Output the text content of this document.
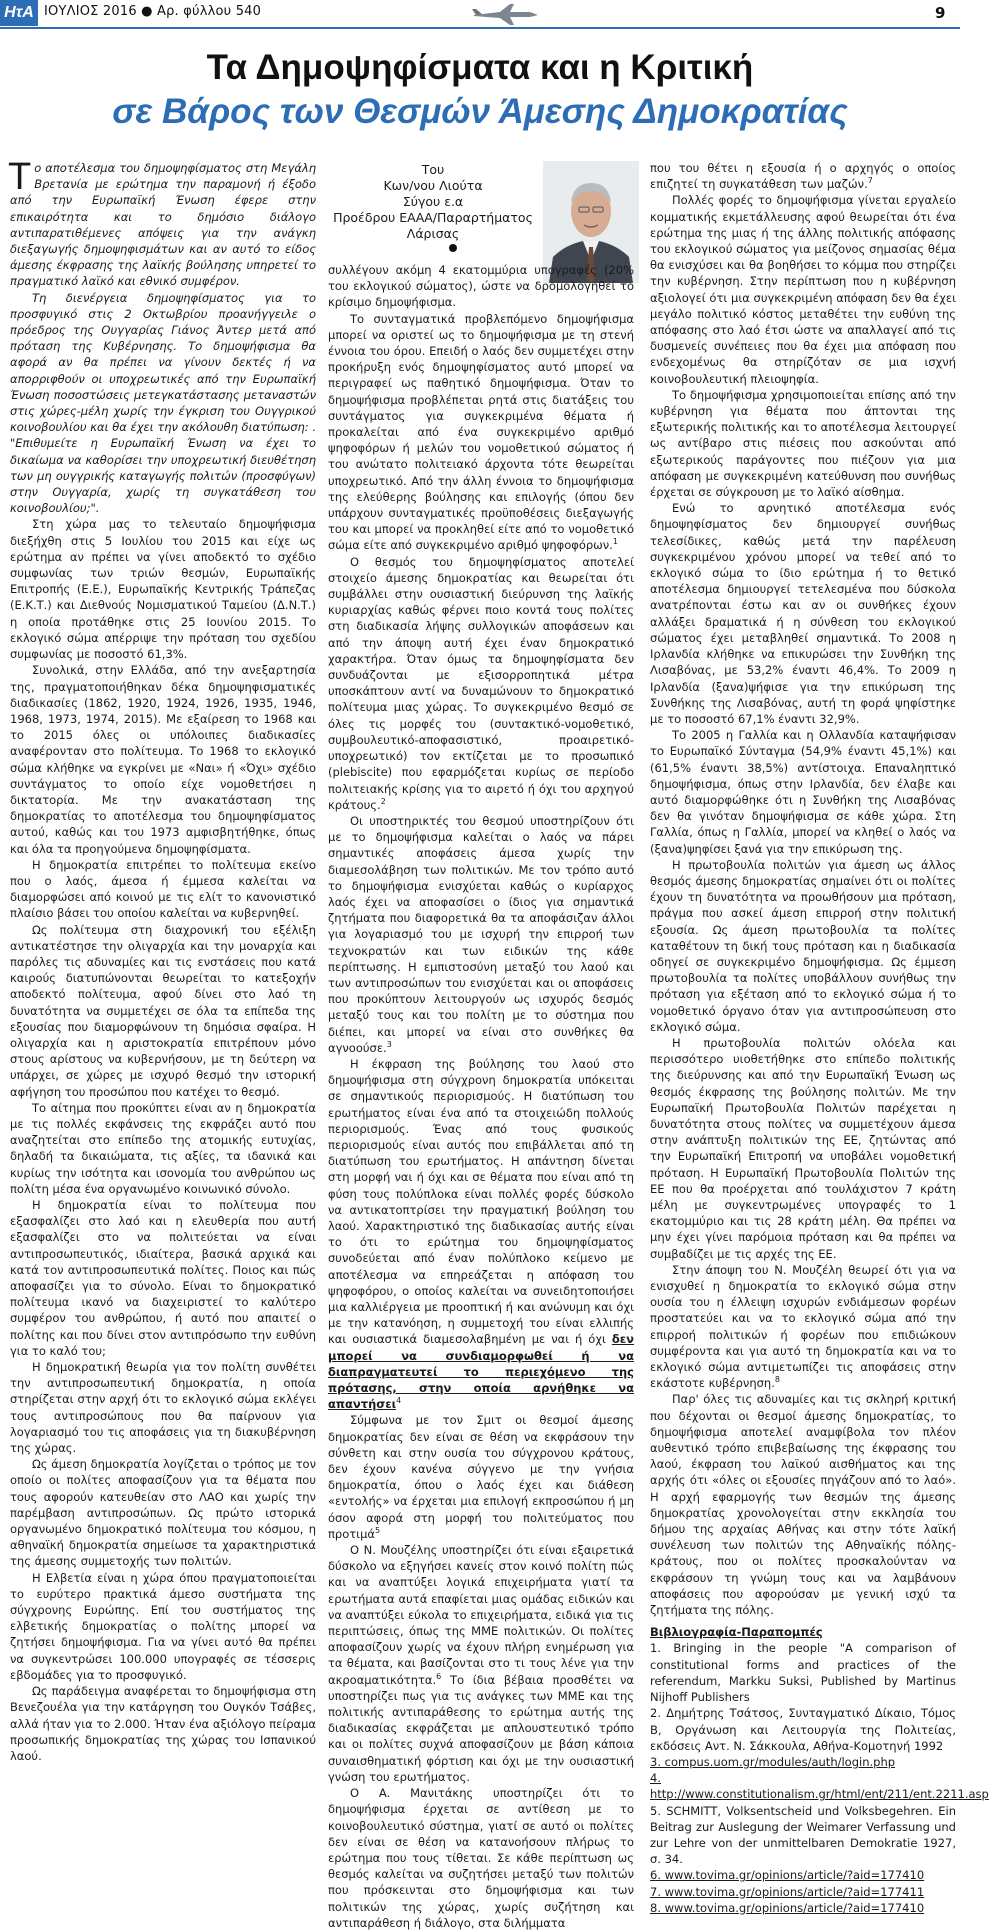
ΗτΑ ΙΟΥΛΙΟΣ 2016 ● Αρ. φύλλου 540	9
Τα Δημοψηφίσματα και η Κριτική
σε Βάρος των Θεσμών Άμεσης Δημοκρατίας
Του
Κων/νου Λιούτα
Σύγου ε.α
Προέδρου ΕΑΑΑ/Παραρτήματος Λάρισας

Το αποτέλεσμα του δημοψηφίσματος στη Μεγάλη Βρετανία με ερώτημα την παραμονή ή έξοδο από την Ευρωπαϊκή Ένωση έφερε στην επικαιρότητα και το δημόσιο διάλογο αντιπαρατιθέμενες απόψεις για την ανάγκη διεξαγωγής δημοψηφισμάτων και αν αυτό το είδος άμεσης έκφρασης της λαϊκής βούλησης υπηρετεί το πραγματικό λαϊκό και εθνικό συμφέρον.

Τη διενέργεια δημοψηφίσματος για το προσφυγικό στις 2 Οκτωβρίου προανήγγειλε ο πρόεδρος της Ουγγαρίας Γιάνος Άντερ μετά από πρόταση της Κυβέρνησης. Το δημοψήφισμα θα αφορά αν θα πρέπει να γίνουν δεκτές ή να απορριφθούν οι υποχρεωτικές από την Ευρωπαϊκή Ένωση ποσοστώσεις μετεγκατάστασης μεταναστών στις χώρες-μέλη χωρίς την έγκριση του Ουγγρικού κοινοβουλίου και θα έχει την ακόλουθη διατύπωση: . "Επιθυμείτε η Ευρωπαϊκή Ένωση να έχει το δικαίωμα να καθορίσει την υποχρεωτική διευθέτηση των μη ουγγρικής καταγωγής πολιτών (προσφύγων) στην Ουγγαρία, χωρίς τη συγκατάθεση του κοινοβουλίου;".

Στη χώρα μας το τελευταίο δημοψήφισμα διεξήχθη στις 5 Ιουλίου του 2015 και είχε ως ερώτημα αν πρέπει να γίνει αποδεκτό το σχέδιο συμφωνίας των τριών θεσμών, Ευρωπαϊκής Επιτροπής (Ε.Ε.), Ευρωπαϊκής Κεντρικής Τράπεζας (Ε.Κ.Τ.) και Διεθνούς Νομισματικού Ταμείου (Δ.Ν.Τ.) η οποία προτάθηκε στις 25 Ιουνίου 2015. Το εκλογικό σώμα απέρριψε την πρόταση του σχεδίου συμφωνίας με ποσοστό 61,3%.

Συνολικά, στην Ελλάδα, από την ανεξαρτησία της, πραγματοποιήθηκαν δέκα δημοψηφισματικές διαδικασίες (1862, 1920, 1924, 1926, 1935, 1946, 1968, 1973, 1974, 2015). Με εξαίρεση το 1968 και το 2015 όλες οι υπόλοιπες διαδικασίες αναφέρονταν στο πολίτευμα. Το 1968 το εκλογικό σώμα κλήθηκε να εγκρίνει με «Ναι» ή «Όχι» σχέδιο συντάγματος το οποίο είχε νομοθετήσει η δικτατορία. Με την ανακατάσταση της δημοκρατίας το αποτέλεσμα του δημοψηφίσματος αυτού, καθώς και του 1973 αμφισβητήθηκε, όπως και όλα τα προηγούμενα δημοψηφίσματα.

Η δημοκρατία επιτρέπει το πολίτευμα εκείνο που ο λαός, άμεσα ή έμμεσα καλείται να διαμορφώσει από κοινού με τις ελίτ το κανονιστικό πλαίσιο βάσει του οποίου καλείται να κυβερνηθεί.

Ως πολίτευμα στη διαχρονική του εξέλιξη αντικατέστησε την ολιγαρχία και την μοναρχία και παρόλες τις αδυναμίες και τις ενστάσεις που κατά καιρούς διατυπώνονται θεωρείται το κατεξοχήν αποδεκτό πολίτευμα, αφού δίνει στο λαό τη δυνατότητα να συμμετέχει σε όλα τα επίπεδα της εξουσίας που διαμορφώνουν τη δημόσια σφαίρα. Η ολιγαρχία και η αριστοκρατία επιτρέπουν μόνο στους αρίστους να κυβερνήσουν, με τη δεύτερη να υπάρχει, σε χώρες με ισχυρό θεσμό την ιστορική αφήγηση του προσώπου που κατέχει το θεσμό.

Το αίτημα που προκύπτει είναι αν η δημοκρατία με τις πολλές εκφάνσεις της εκφράζει αυτό που αναζητείται στο επίπεδο της ατομικής ευτυχίας, δηλαδή τα δικαιώματα, τις αξίες, τα ιδανικά και κυρίως την ισότητα και ισονομία του ανθρώπου ως πολίτη μέσα ένα οργανωμένο κοινωνικό σύνολο.

Η δημοκρατία είναι το πολίτευμα που εξασφαλίζει στο λαό και η ελευθερία που αυτή εξασφαλίζει στο να πολιτεύεται να είναι αντιπροσωπευτικός, ιδιαίτερα, βασικά αρχικά και κατά τον αντιπροσωπευτικά πολίτες. Ποιος και πώς αποφασίζει για το σύνολο. Είναι το δημοκρατικό πολίτευμα ικανό να διαχειριστεί το καλύτερο συμφέρον του ανθρώπου, ή αυτό που απαιτεί ο πολίτης και που δίνει στον αντιπρόσωπο την ευθύνη για το καλό του;

Η δημοκρατική θεωρία για τον πολίτη συνθέτει την αντιπροσωπευτική δημοκρατία, η οποία στηρίζεται στην αρχή ότι το εκλογικό σώμα εκλέγει τους αντιπροσώπους που θα παίρνουν για λογαριασμό του τις αποφάσεις για τη διακυβέρνηση της χώρας.

Ως άμεση δημοκρατία λογίζεται ο τρόπος με τον οποίο οι πολίτες αποφασίζουν για τα θέματα που τους αφορούν κατευθείαν στο ΛΑΟ και χωρίς την παρέμβαση αντιπροσώπων. Ως πρώτο ιστορικά οργανωμένο δημοκρατικό πολίτευμα του κόσμου, η αθηναϊκή δημοκρατία σημείωσε τα χαρακτηριστικά της άμεσης συμμετοχής των πολιτών.

Η Ελβετία είναι η χώρα όπου πραγματοποιείται το ευρύτερο πρακτικά άμεσο συστήματα της σύγχρονης Ευρώπης. Επί του συστήματος της ελβετικής δημοκρατίας ο πολίτης μπορεί να ζητήσει δημοψήφισμα. Για να γίνει αυτό θα πρέπει να συγκεντρώσει 100.000 υπογραφές σε τέσσερις εβδομάδες για το προσφυγικό.

Ως παράδειγμα αναφέρεται το δημοψήφισμα στη Βενεζουέλα για την κατάργηση του Ουγκόν Τσάβες, αλλά ήταν για το 2.000. Ήταν ένα αξιόλογο πείραμα προσωπικής δημοκρατίας της χώρας του Ισπανικού λαού.

συλλέγουν ακόμη 4 εκατομμύρια υπογραφές (20% του εκλογικού σώματος), ώστε να δρομολογηθεί το κρίσιμο δημοψήφισμα.

Το συνταγματικά προβλεπόμενο δημοψήφισμα μπορεί να οριστεί ως το δημοψήφισμα με τη στενή έννοια του όρου. Επειδή ο λαός δεν συμμετέχει στην προκήρυξη ενός δημοψηφίσματος αυτό μπορεί να περιγραφεί ως παθητικό δημοψήφισμα. Όταν το δημοψήφισμα προβλέπεται ρητά στις διατάξεις του συντάγματος για συγκεκριμένα θέματα ή προκαλείται από ένα συγκεκριμένο αριθμό ψηφοφόρων ή μελών του νομοθετικού σώματος ή του ανώτατο πολιτειακό άρχοντα τότε θεωρείται υποχρεωτικό. Από την άλλη έννοια το δημοψήφισμα της ελεύθερης βούλησης και επιλογής (όπου δεν υπάρχουν συνταγματικές προϋποθέσεις διεξαγωγής του και μπορεί να προκληθεί είτε από το νομοθετικό σώμα είτε από συγκεκριμένο αριθμό ψηφοφόρων.$^1$

Ο θεσμός του δημοψηφίσματος αποτελεί στοιχείο άμεσης δημοκρατίας και θεωρείται ότι συμβάλλει στην ουσιαστική διεύρυνση της λαϊκής κυριαρχίας καθώς φέρνει ποιο κοντά τους πολίτες στη διαδικασία λήψης συλλογικών αποφάσεων και από την άποψη αυτή έχει έναν δημοκρατικό χαρακτήρα. Όταν όμως τα δημοψηφίσματα δεν συνδυάζονται με εξισορροπητικά μέτρα υποσκάπτουν αντί να δυναμώνουν το δημοκρατικό πολίτευμα μιας χώρας. Το συγκεκριμένο θεσμό σε όλες τις μορφές του (συντακτικό-νομοθετικό, συμβουλευτικό-αποφασιστικό, προαιρετικό-υποχρεωτικό) τον εκτίζεται με το προσωπικό (plebiscite) που εφαρμόζεται κυρίως σε περίοδο πολιτειακής κρίσης για το αιρετό ή όχι του αρχηγού κράτους.$^2$

Οι υποστηρικτές του θεσμού υποστηρίζουν ότι με το δημοψήφισμα καλείται ο λαός να πάρει σημαντικές αποφάσεις άμεσα χωρίς την διαμεσολάβηση των πολιτικών. Με τον τρόπο αυτό το δημοψήφισμα ενισχύεται καθώς ο κυρίαρχος λαός έχει να αποφασίσει ο ίδιος για σημαντικά ζητήματα που διαφορετικά θα τα αποφάσιζαν άλλοι για λογαριασμό του με ισχυρή την επιρροή των τεχνοκρατών και των ειδικών της κάθε περίπτωσης. Η εμπιστοσύνη μεταξύ του λαού και των αντιπροσώπων του ενισχύεται και οι αποφάσεις που προκύπτουν λειτουργούν ως ισχυρός δεσμός μεταξύ τους και του πολίτη με το σύστημα που διέπει, και μπορεί να είναι στο συνθήκες θα αγνοούσε.$^3$

Η έκφραση της βούλησης του λαού στο δημοψήφισμα στη σύγχρονη δημοκρατία υπόκειται σε σημαντικούς περιορισμούς. Η διατύπωση του ερωτήματος είναι ένα από τα στοιχειώδη πολλούς περιορισμούς. Ένας από τους φυσικούς περιορισμούς είναι αυτός που επιβάλλεται από τη διατύπωση του ερωτήματος. Η απάντηση δίνεται στη μορφή ναι ή όχι και σε θέματα που είναι από τη φύση τους πολύπλοκα είναι πολλές φορές δύσκολο να αντικατοπτρίσει την πραγματική βούληση του λαού. Χαρακτηριστικό της διαδικασίας αυτής είναι το ότι το ερώτημα του δημοψηφίσματος συνοδεύεται από έναν πολύπλοκο κείμενο με αποτέλεσμα να επηρεάζεται η απόφαση του ψηφοφόρου, ο οποίος καλείται να συνειδητοποιήσει μια καλλιέργεια με προοπτική ή και ανώνυμη και όχι με την κατανόηση, η συμμετοχή του είναι ελλιπής και ουσιαστικά διαμεσολαβημένη με ναι ή όχι δεν μπορεί να συνδιαμορφωθεί ή να διαπραγματευτεί το περιεχόμενο της πρότασης, στην οποία αρνήθηκε να απαντήσει$^4$

Σύμφωνα με τον Σμιτ οι θεσμοί άμεσης δημοκρατίας δεν είναι σε θέση να εκφράσουν την σύνθετη και στην ουσία του σύγχρονου κράτους, δεν έχουν κανένα σύγγενο με την γνήσια δημοκρατία, όπου ο λαός έχει και διάθεση «εντολής» να έρχεται μια επιλογή εκπροσώπου ή μη όσον αφορά στη μορφή του πολιτεύματος που προτιμά$^5$

Ο Ν. Μουζέλης υποστηρίζει ότι είναι εξαιρετικά δύσκολο να εξηγήσει κανείς στον κοινό πολίτη πώς και να αναπτύξει λογικά επιχειρήματα γιατί τα ερωτήματα αυτά επαφίεται μιας ομάδας ειδικών και να αναπτύξει εύκολα το επιχειρήματα, ειδικά για τις περιπτώσεις, όπως της ΜΜΕ πολιτικών. Οι πολίτες αποφασίζουν χωρίς να έχουν πλήρη ενημέρωση για τα θέματα, και βασίζονται στο τι τους λένε για την ακροαματικότητα.$^6$ Το ίδια βέβαια προσθέτει να υποστηρίζει πως για τις ανάγκες των ΜΜΕ και της πολιτικής αντιπαράθεσης το ερώτημα αυτής της διαδικασίας εκφράζεται με απλουστευτικό τρόπο και οι πολίτες συχνά αποφασίζουν με βάση κάποια συναισθηματική φόρτιση και όχι με την ουσιαστική γνώση του ερωτήματος.

Ο Α. Μανιτάκης υποστηρίζει ότι το δημοψήφισμα έρχεται σε αντίθεση με το κοινοβουλευτικό σύστημα, γιατί σε αυτό οι πολίτες δεν είναι σε θέση να κατανοήσουν πλήρως το ερώτημα που τους τίθεται. Σε κάθε περίπτωση ως θεσμός καλείται να συζητήσει μεταξύ των πολιτών που πρόσκεινται στο δημοψήφισμα και των πολιτικών της χώρας, χωρίς συζήτηση και αντιπαράθεση ή διάλογο, στα διλήμματα

που του θέτει η εξουσία ή ο αρχηγός ο οποίος επιζητεί τη συγκατάθεση των μαζών.$^7$

Πολλές φορές το δημοψήφισμα γίνεται εργαλείο κομματικής εκμετάλλευσης αφού θεωρείται ότι ένα ερώτημα της μιας ή της άλλης πολιτικής απόφασης του εκλογικού σώματος για μείζονος σημασίας θέμα θα ενισχύσει και θα βοηθήσει το κόμμα που στηρίζει την κυβέρνηση. Στην περίπτωση που η κυβέρνηση αξιολογεί ότι μια συγκεκριμένη απόφαση δεν θα έχει μεγάλο πολιτικό κόστος μεταθέτει την ευθύνη της απόφασης στο λαό έτσι ώστε να απαλλαγεί από τις δυσμενείς συνέπειες που θα έχει μια απόφαση που ενδεχομένως θα στηρίζόταν σε μια ισχνή κοινοβουλευτική πλειοψηφία.

Το δημοψήφισμα χρησιμοποιείται επίσης από την κυβέρνηση για θέματα που άπτονται της εξωτερικής πολιτικής και το αποτέλεσμα λειτουργεί ως αντίβαρο στις πιέσεις που ασκούνται από εξωτερικούς παράγοντες που πιέζουν για μια απόφαση με συγκεκριμένη κατεύθυνση που συνήθως έρχεται σε σύγκρουση με το λαϊκό αίσθημα.

Ενώ το αρνητικό αποτέλεσμα ενός δημοψηφίσματος δεν δημιουργεί συνήθως τελεσίδικες, καθώς μετά την παρέλευση συγκεκριμένου χρόνου μπορεί να τεθεί από το εκλογικό σώμα το ίδιο ερώτημα ή το θετικό αποτέλεσμα δημιουργεί τετελεσμένα που δύσκολα ανατρέπονται έστω και αν οι συνθήκες έχουν αλλάξει δραματικά ή η σύνθεση του εκλογικού σώματος έχει μεταβληθεί σημαντικά. Το 2008 η Ιρλανδία κλήθηκε να επικυρώσει την Συνθήκη της Λισαβόνας, με 53,2% έναντι 46,4%. Το 2009 η Ιρλανδία (ξανα)ψήφισε για την επικύρωση της Συνθήκης της Λισαβόνας, αυτή τη φορά ψηφίστηκε με το ποσοστό 67,1% έναντι 32,9%.

Το 2005 η Γαλλία και η Ολλανδία καταψήφισαν το Ευρωπαϊκό Σύνταγμα (54,9% έναντι 45,1%) και (61,5% έναντι 38,5%) αντίστοιχα. Επαναληπτικό δημοψήφισμα, όπως στην Ιρλανδία, δεν έλαβε και αυτό διαμορφώθηκε ότι η Συνθήκη της Λισαβόνας δεν θα γινόταν δημοψήφισμα σε κάθε χώρα. Στη Γαλλία, όπως η Γαλλία, μπορεί να κληθεί ο λαός να (ξανα)ψηφίσει ξανά για την επικύρωση της.

Η πρωτοβουλία πολιτών για άμεση ως άλλος θεσμός άμεσης δημοκρατίας σημαίνει ότι οι πολίτες έχουν τη δυνατότητα να προωθήσουν μια πρόταση, πράγμα που ασκεί άμεση επιρροή στην πολιτική εξουσία. Ως άμεση πρωτοβουλία τα πολίτες καταθέτουν τη δική τους πρόταση και η διαδικασία οδηγεί σε συγκεκριμένο δημοψήφισμα. Ως έμμεση πρωτοβουλία τα πολίτες υποβάλλουν συνήθως την πρόταση για εξέταση από το εκλογικό σώμα ή το νομοθετικό όργανο όταν για αντιπροσώπευση στο εκλογικό σώμα.

Η πρωτοβουλία πολιτών ολόελα και περισσότερο υιοθετήθηκε στο επίπεδο πολιτικής της διεύρυνσης και από την Ευρωπαϊκή Ένωση ως θεσμός έκφρασης της βούλησης πολιτών. Με την Ευρωπαϊκή Πρωτοβουλία Πολιτών παρέχεται η δυνατότητα στους πολίτες να συμμετέχουν άμεσα στην ανάπτυξη πολιτικών της ΕΕ, ζητώντας από την Ευρωπαϊκή Επιτροπή να υποβάλει νομοθετική πρόταση. Η Ευρωπαϊκή Πρωτοβουλία Πολιτών της ΕΕ που θα προέρχεται από τουλάχιστον 7 κράτη μέλη με συγκεντρωμένες υπογραφές το 1 εκατομμύριο και τις 28 κράτη μέλη. Θα πρέπει να μην έχει γίνει παρόμοια πρόταση και θα πρέπει να συμβαδίζει με τις αρχές της ΕΕ.

Στην άποψη του Ν. Μουζέλη θεωρεί ότι για να ενισχυθεί η δημοκρατία το εκλογικό σώμα στην ουσία του η έλλειψη ισχυρών ενδιάμεσων φορέων προστατεύει και να το εκλογικό σώμα από την επιρροή πολιτικών ή φορέων που επιδιώκουν συμφέροντα και για αυτό τη δημοκρατία και να το εκλογικό σώμα αντιμετωπίζει τις αποφάσεις στην εκάστοτε κυβέρνηση.$^8$

Παρ' όλες τις αδυναμίες και τις σκληρή κριτική που δέχονται οι θεσμοί άμεσης δημοκρατίας, το δημοψήφισμα αποτελεί αναμφίβολα τον πλέον αυθεντικό τρόπο επιβεβαίωσης της έκφρασης του λαού, έκφραση του λαϊκού αισθήματος και της αρχής ότι «όλες οι εξουσίες πηγάζουν από το λαό». Η αρχή εφαρμογής των θεσμών της άμεσης δημοκρατίας χρονολογείται στην εκκλησία του δήμου της αρχαίας Αθήνας και στην τότε λαϊκή συνέλευση των πολιτών της Αθηναϊκής πόλης-κράτους, που οι πολίτες προσκαλούνταν να εκφράσουν τη γνώμη τους και να λαμβάνουν αποφάσεις που αφορούσαν με γενική ισχύ τα ζητήματα της πόλης.

Βιβλιογραφία-Παραπομπές

1. Bringing in the people "A comparison of constitutional forms and practices of the referendum, Markku Suksi, Published by Martinus Nijhoff Publishers

2. Δημήτρης Τσάτσος, Συνταγματικό Δίκαιο, Τόμος Β, Οργάνωση και Λειτουργία της Πολιτείας, εκδόσεις Αντ. Ν. Σάκκουλα, Αθήνα-Κομοτηνή 1992

3. compus.uom.gr/modules/auth/login.php

4. http://www.constitutionalism.gr/html/ent/211/ent.2211.asp

5. SCHMITT, Volksentscheid und Volksbegehren. Ein Beitrag zur Auslegung der Weimarer Verfassung und zur Lehre von der unmittelbaren Demokratie 1927, σ. 34.

6. www.tovima.gr/opinions/article/?aid=177410

7. www.tovima.gr/opinions/article/?aid=177411

8. www.tovima.gr/opinions/article/?aid=177410
